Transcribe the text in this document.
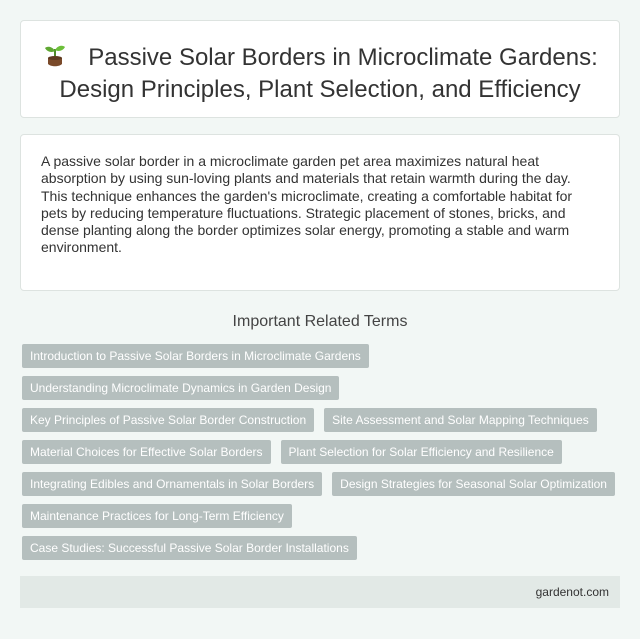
Passive Solar Borders in Microclimate Gardens: Design Principles, Plant Selection, and Efficiency

A passive solar border in a microclimate garden pet area maximizes natural heat absorption by using sun-loving plants and materials that retain warmth during the day. This technique enhances the garden's microclimate, creating a comfortable habitat for pets by reducing temperature fluctuations. Strategic placement of stones, bricks, and dense planting along the border optimizes solar energy, promoting a stable and warm environment.

Important Related Terms
Introduction to Passive Solar Borders in Microclimate Gardens
Understanding Microclimate Dynamics in Garden Design
Key Principles of Passive Solar Border Construction	Site Assessment and Solar Mapping Techniques
Material Choices for Effective Solar Borders	Plant Selection for Solar Efficiency and Resilience
Integrating Edibles and Ornamentals in Solar Borders	Design Strategies for Seasonal Solar Optimization
Maintenance Practices for Long-Term Efficiency
Case Studies: Successful Passive Solar Border Installations
gardenot.com
